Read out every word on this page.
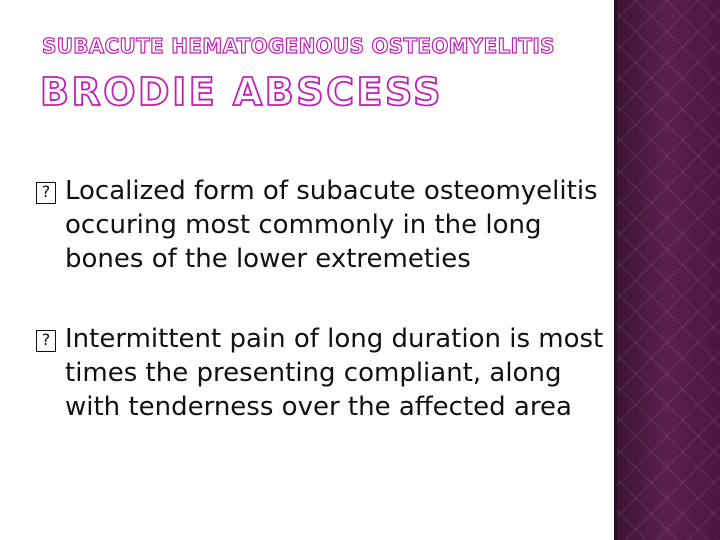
SUBACUTE HEMATOGENOUS OSTEOMYELITIS
BRODIE ABSCESS
?
Localized form of subacute osteomyelitis occuring most commonly in the long bones of the lower extremeties
?
Intermittent pain of long duration is most times the presenting compliant, along with tenderness over the affected area
